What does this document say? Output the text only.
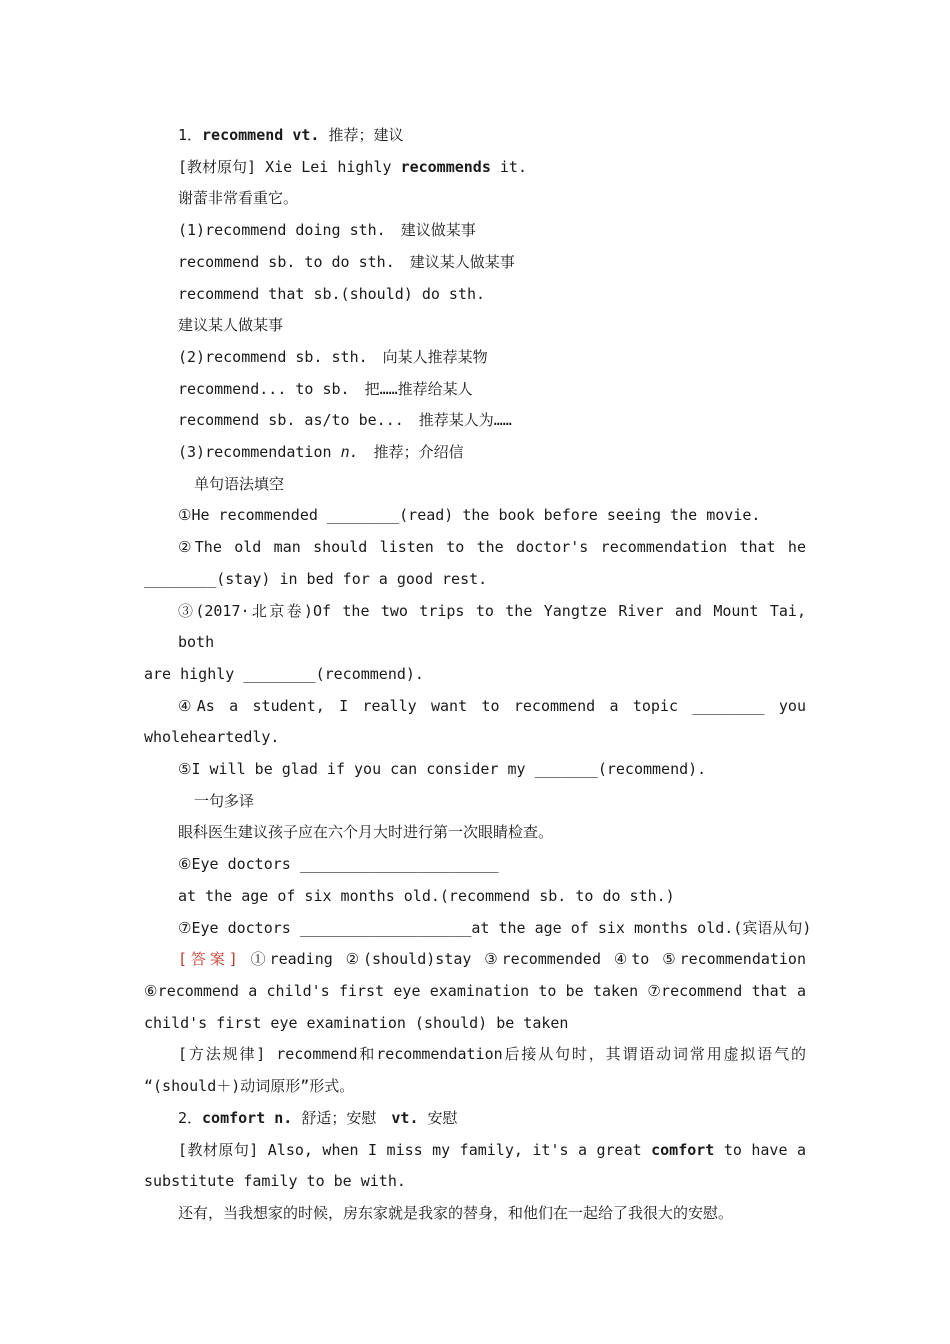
1．recommend vt. 推荐；建议
[教材原句] Xie Lei highly recommends it.
谢蕾非常看重它。
(1)recommend doing sth.　建议做某事
recommend sb. to do sth.　建议某人做某事
recommend that sb.(should) do sth.
建议某人做某事
(2)recommend sb. sth.　向某人推荐某物
recommend... to sb.　把……推荐给某人
recommend sb. as/to be...　推荐某人为……
(3)recommendation n.　推荐；介绍信
单句语法填空
①He recommended ________(read) the book before seeing the movie.
②The old man should listen to the doctor's recommendation that he
________(stay) in bed for a good rest.
③(2017·北京卷)Of the two trips to the Yangtze River and Mount Tai, both
are highly ________(recommend).
④As a student, I really want to recommend a topic ________ you
wholeheartedly.
⑤I will be glad if you can consider my _______(recommend).
一句多译
眼科医生建议孩子应在六个月大时进行第一次眼睛检查。
⑥Eye doctors ______________________
at the age of six months old.(recommend sb. to do sth.)
⑦Eye doctors ___________________at the age of six months old.(宾语从句)
[答案] ①reading ②(should)stay ③recommended ④to ⑤recommendation
⑥recommend a child's first eye examination to be taken ⑦recommend that a
child's first eye examination (should) be taken
[方法规律] recommend和recommendation后接从句时，其谓语动词常用虚拟语气的
“(should＋)动词原形”形式。
2．comfort n. 舒适；安慰　vt. 安慰
[教材原句] Also, when I miss my family, it's a great comfort to have a
substitute family to be with.
还有，当我想家的时候，房东家就是我家的替身，和他们在一起给了我很大的安慰。
